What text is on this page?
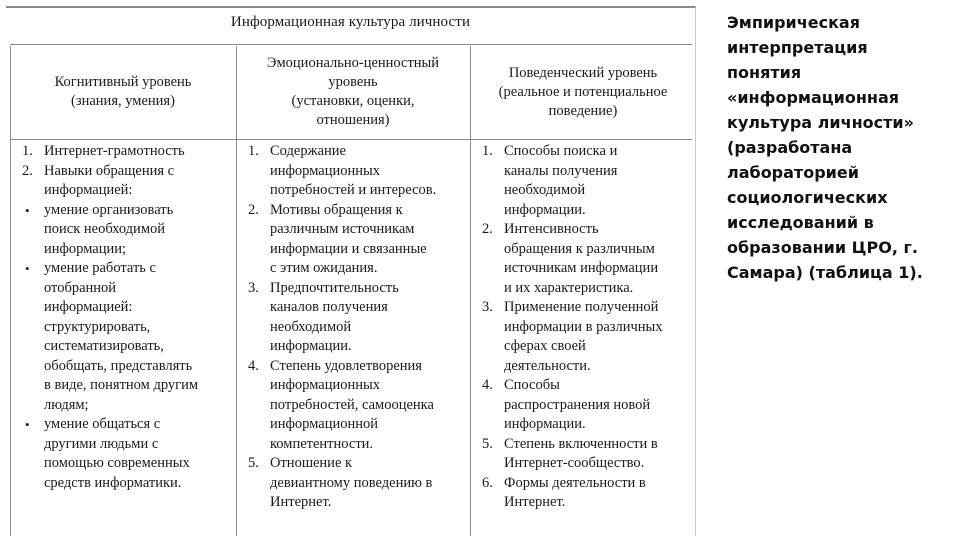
Информационная культура личности
Когнитивный уровень
(знания, умения)
Эмоционально-ценностный
уровень
(установки, оценки,
отношения)
Поведенческий уровень
(реальное и потенциальное
поведение)
1. Интернет-грамотность
2. Навыки обращения с
информацией:
• умение организовать
поиск необходимой
информации;
• умение работать с
отобранной
информацией:
структурировать,
систематизировать,
обобщать, представлять
в виде, понятном другим
людям;
• умение общаться с
другими людьми с
помощью современных
средств информатики.
1. Содержание
информационных
потребностей и интересов.
2. Мотивы обращения к
различным источникам
информации и связанные
с этим ожидания.
3. Предпочтительность
каналов получения
необходимой
информации.
4. Степень удовлетворения
информационных
потребностей, самооценка
информационной
компетентности.
5. Отношение к
девиантному поведению в
Интернет.
1. Способы поиска и
каналы получения
необходимой
информации.
2. Интенсивность
обращения к различным
источникам информации
и их характеристика.
3. Применение полученной
информации в различных
сферах своей
деятельности.
4. Способы
распространения новой
информации.
5. Степень включенности в
Интернет-сообщество.
6. Формы деятельности в
Интернет.
Эмпирическая
интерпретация
понятия
«информационная
культура личности»
(разработана
лабораторией
социологических
исследований в
образовании ЦРО, г.
Самара) (таблица 1).
